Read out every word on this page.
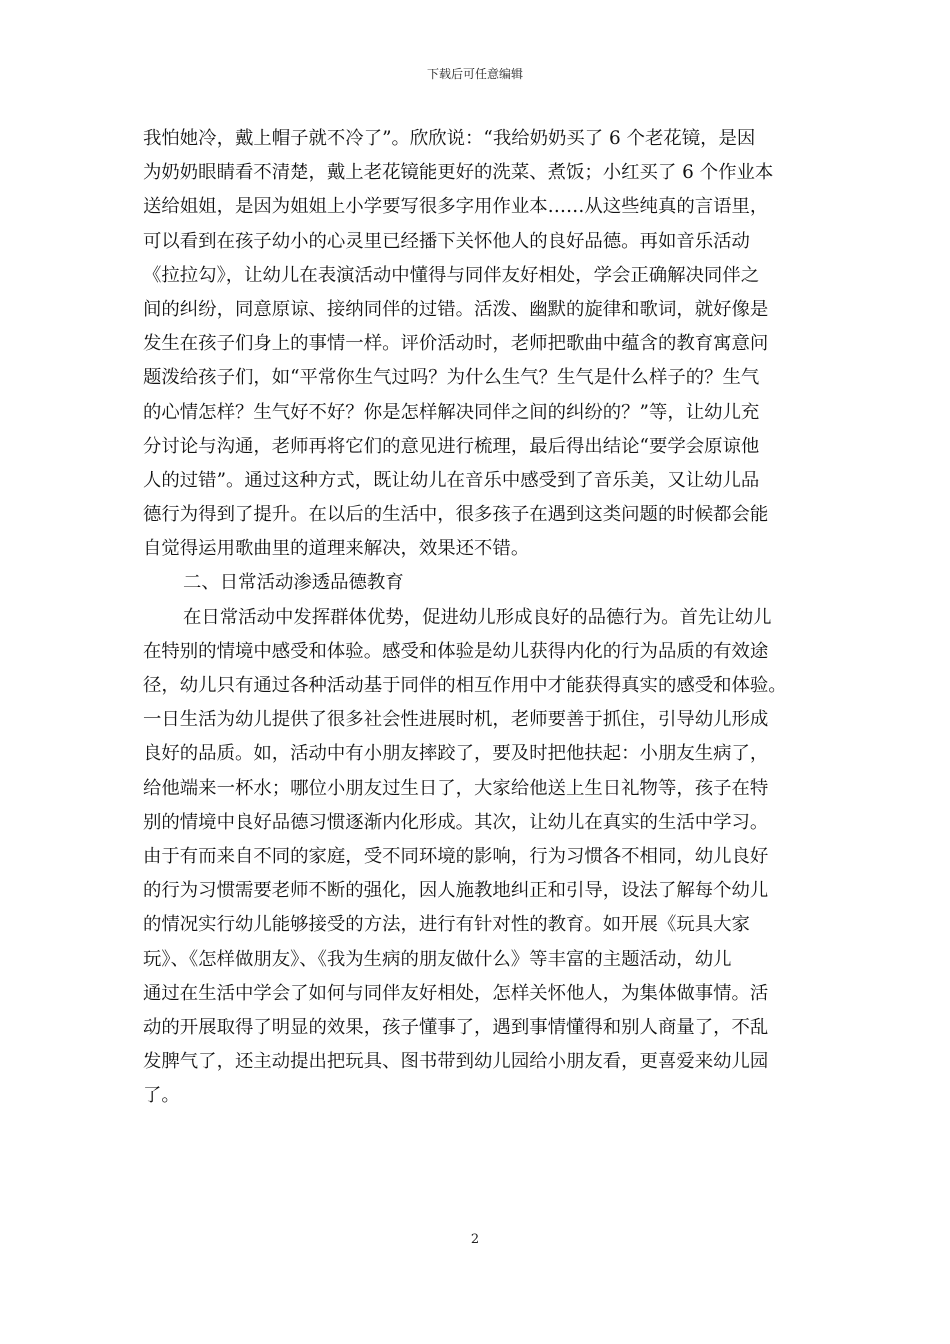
下载后可任意编辑
我怕她冷，戴上帽子就不冷了”。欣欣说：“我给奶奶买了 6 个老花镜，是因
为奶奶眼睛看不清楚，戴上老花镜能更好的洗菜、煮饭；小红买了 6 个作业本
送给姐姐，是因为姐姐上小学要写很多字用作业本……从这些纯真的言语里，
可以看到在孩子幼小的心灵里已经播下关怀他人的良好品德。再如音乐活动
《拉拉勾》，让幼儿在表演活动中懂得与同伴友好相处，学会正确解决同伴之
间的纠纷，同意原谅、接纳同伴的过错。活泼、幽默的旋律和歌词，就好像是
发生在孩子们身上的事情一样。评价活动时，老师把歌曲中蕴含的教育寓意问
题泼给孩子们，如“平常你生气过吗？为什么生气？生气是什么样子的？生气
的心情怎样？生气好不好？你是怎样解决同伴之间的纠纷的？”等，让幼儿充
分讨论与沟通，老师再将它们的意见进行梳理，最后得出结论“要学会原谅他
人的过错”。通过这种方式，既让幼儿在音乐中感受到了音乐美，又让幼儿品
德行为得到了提升。在以后的生活中，很多孩子在遇到这类问题的时候都会能
自觉得运用歌曲里的道理来解决，效果还不错。
二、日常活动渗透品德教育
在日常活动中发挥群体优势，促进幼儿形成良好的品德行为。首先让幼儿
在特别的情境中感受和体验。感受和体验是幼儿获得内化的行为品质的有效途
径，幼儿只有通过各种活动基于同伴的相互作用中才能获得真实的感受和体验。
一日生活为幼儿提供了很多社会性进展时机，老师要善于抓住，引导幼儿形成
良好的品质。如，活动中有小朋友摔跤了，要及时把他扶起：小朋友生病了，
给他端来一杯水；哪位小朋友过生日了，大家给他送上生日礼物等，孩子在特
别的情境中良好品德习惯逐渐内化形成。其次，让幼儿在真实的生活中学习。
由于有而来自不同的家庭，受不同环境的影响，行为习惯各不相同，幼儿良好
的行为习惯需要老师不断的强化，因人施教地纠正和引导，设法了解每个幼儿
的情况实行幼儿能够接受的方法，进行有针对性的教育。如开展《玩具大家
玩》、《怎样做朋友》、《我为生病的朋友做什么》等丰富的主题活动，幼儿
通过在生活中学会了如何与同伴友好相处，怎样关怀他人，为集体做事情。活
动的开展取得了明显的效果，孩子懂事了，遇到事情懂得和别人商量了，不乱
发脾气了，还主动提出把玩具、图书带到幼儿园给小朋友看，更喜爱来幼儿园
了。
2
